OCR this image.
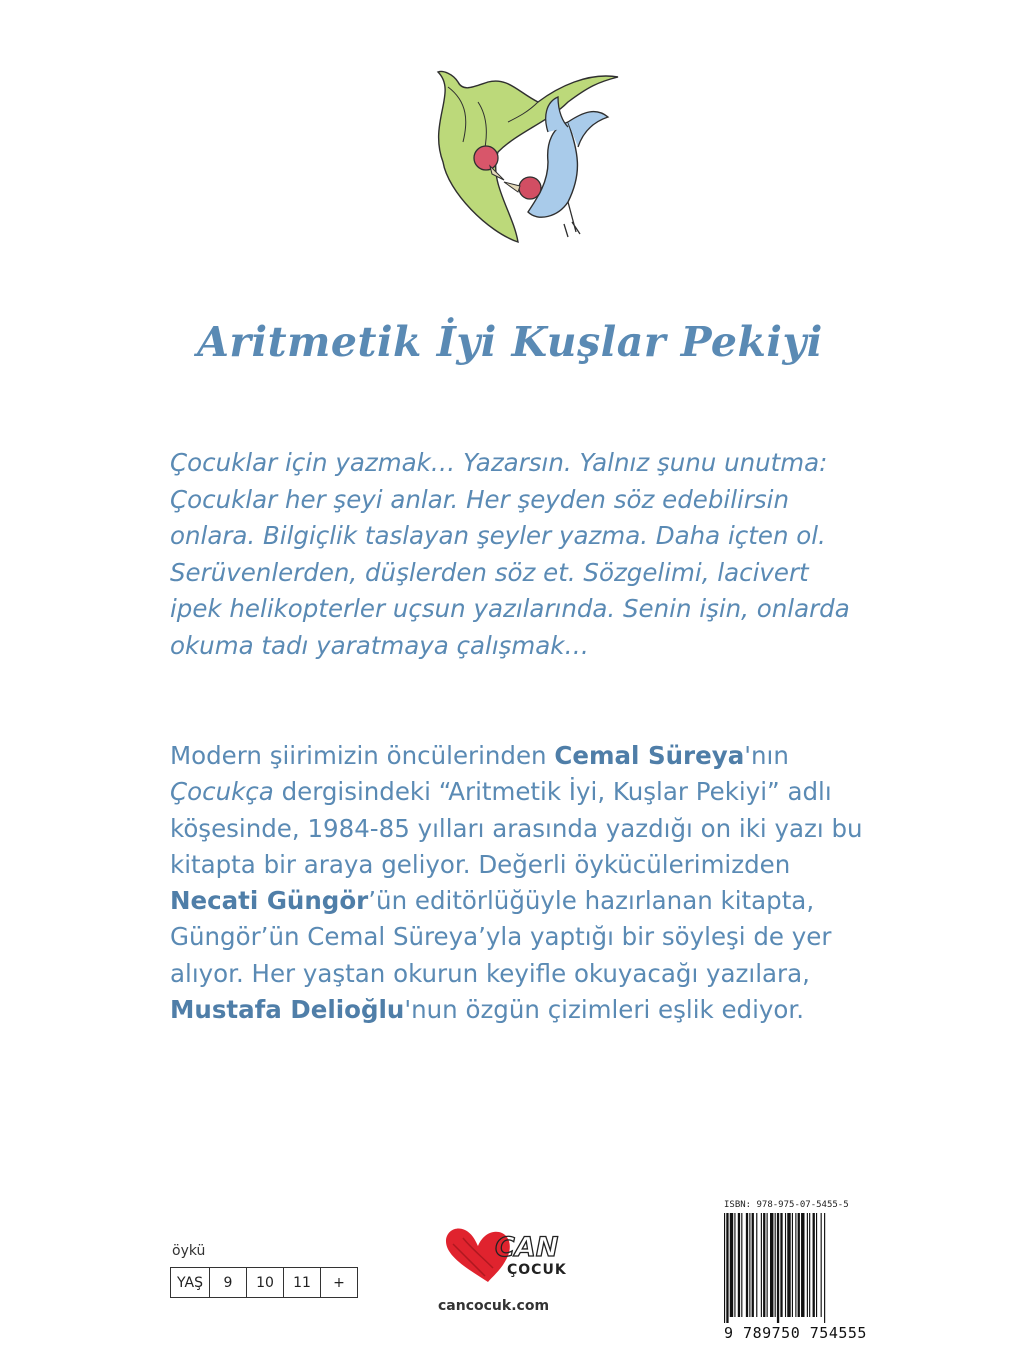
Aritmetik İyi Kuşlar Pekiyi

Çocuklar için yazmak… Yazarsın. Yalnız şunu unutma: Çocuklar her şeyi anlar. Her şeyden söz edebilirsin onlara. Bilgiçlik taslayan şeyler yazma. Daha içten ol. Serüvenlerden, düşlerden söz et. Sözgelimi, lacivert ipek helikopterler uçsun yazılarında. Senin işin, onlarda okuma tadı yaratmaya çalışmak…

Modern şiirimizin öncülerinden Cemal Süreya'nın Çocukça dergisindeki “Aritmetik İyi, Kuşlar Pekiyi” adlı köşesinde, 1984-85 yılları arasında yazdığı on iki yazı bu kitapta bir araya geliyor. Değerli öykücülerimizden Necati Güngör’ün editörlüğüyle hazırlanan kitapta, Güngör’ün Cemal Süreya’yla yaptığı bir söyleşi de yer alıyor. Her yaştan okurun keyifle okuyacağı yazılara, Mustafa Delioğlu'nun özgün çizimleri eşlik ediyor.

öykü
YAŞ	9	10	11	+
CAN
ÇOCUK
cancocuk.com
ISBN: 978-975-07-5455-5
9 789750 754555
